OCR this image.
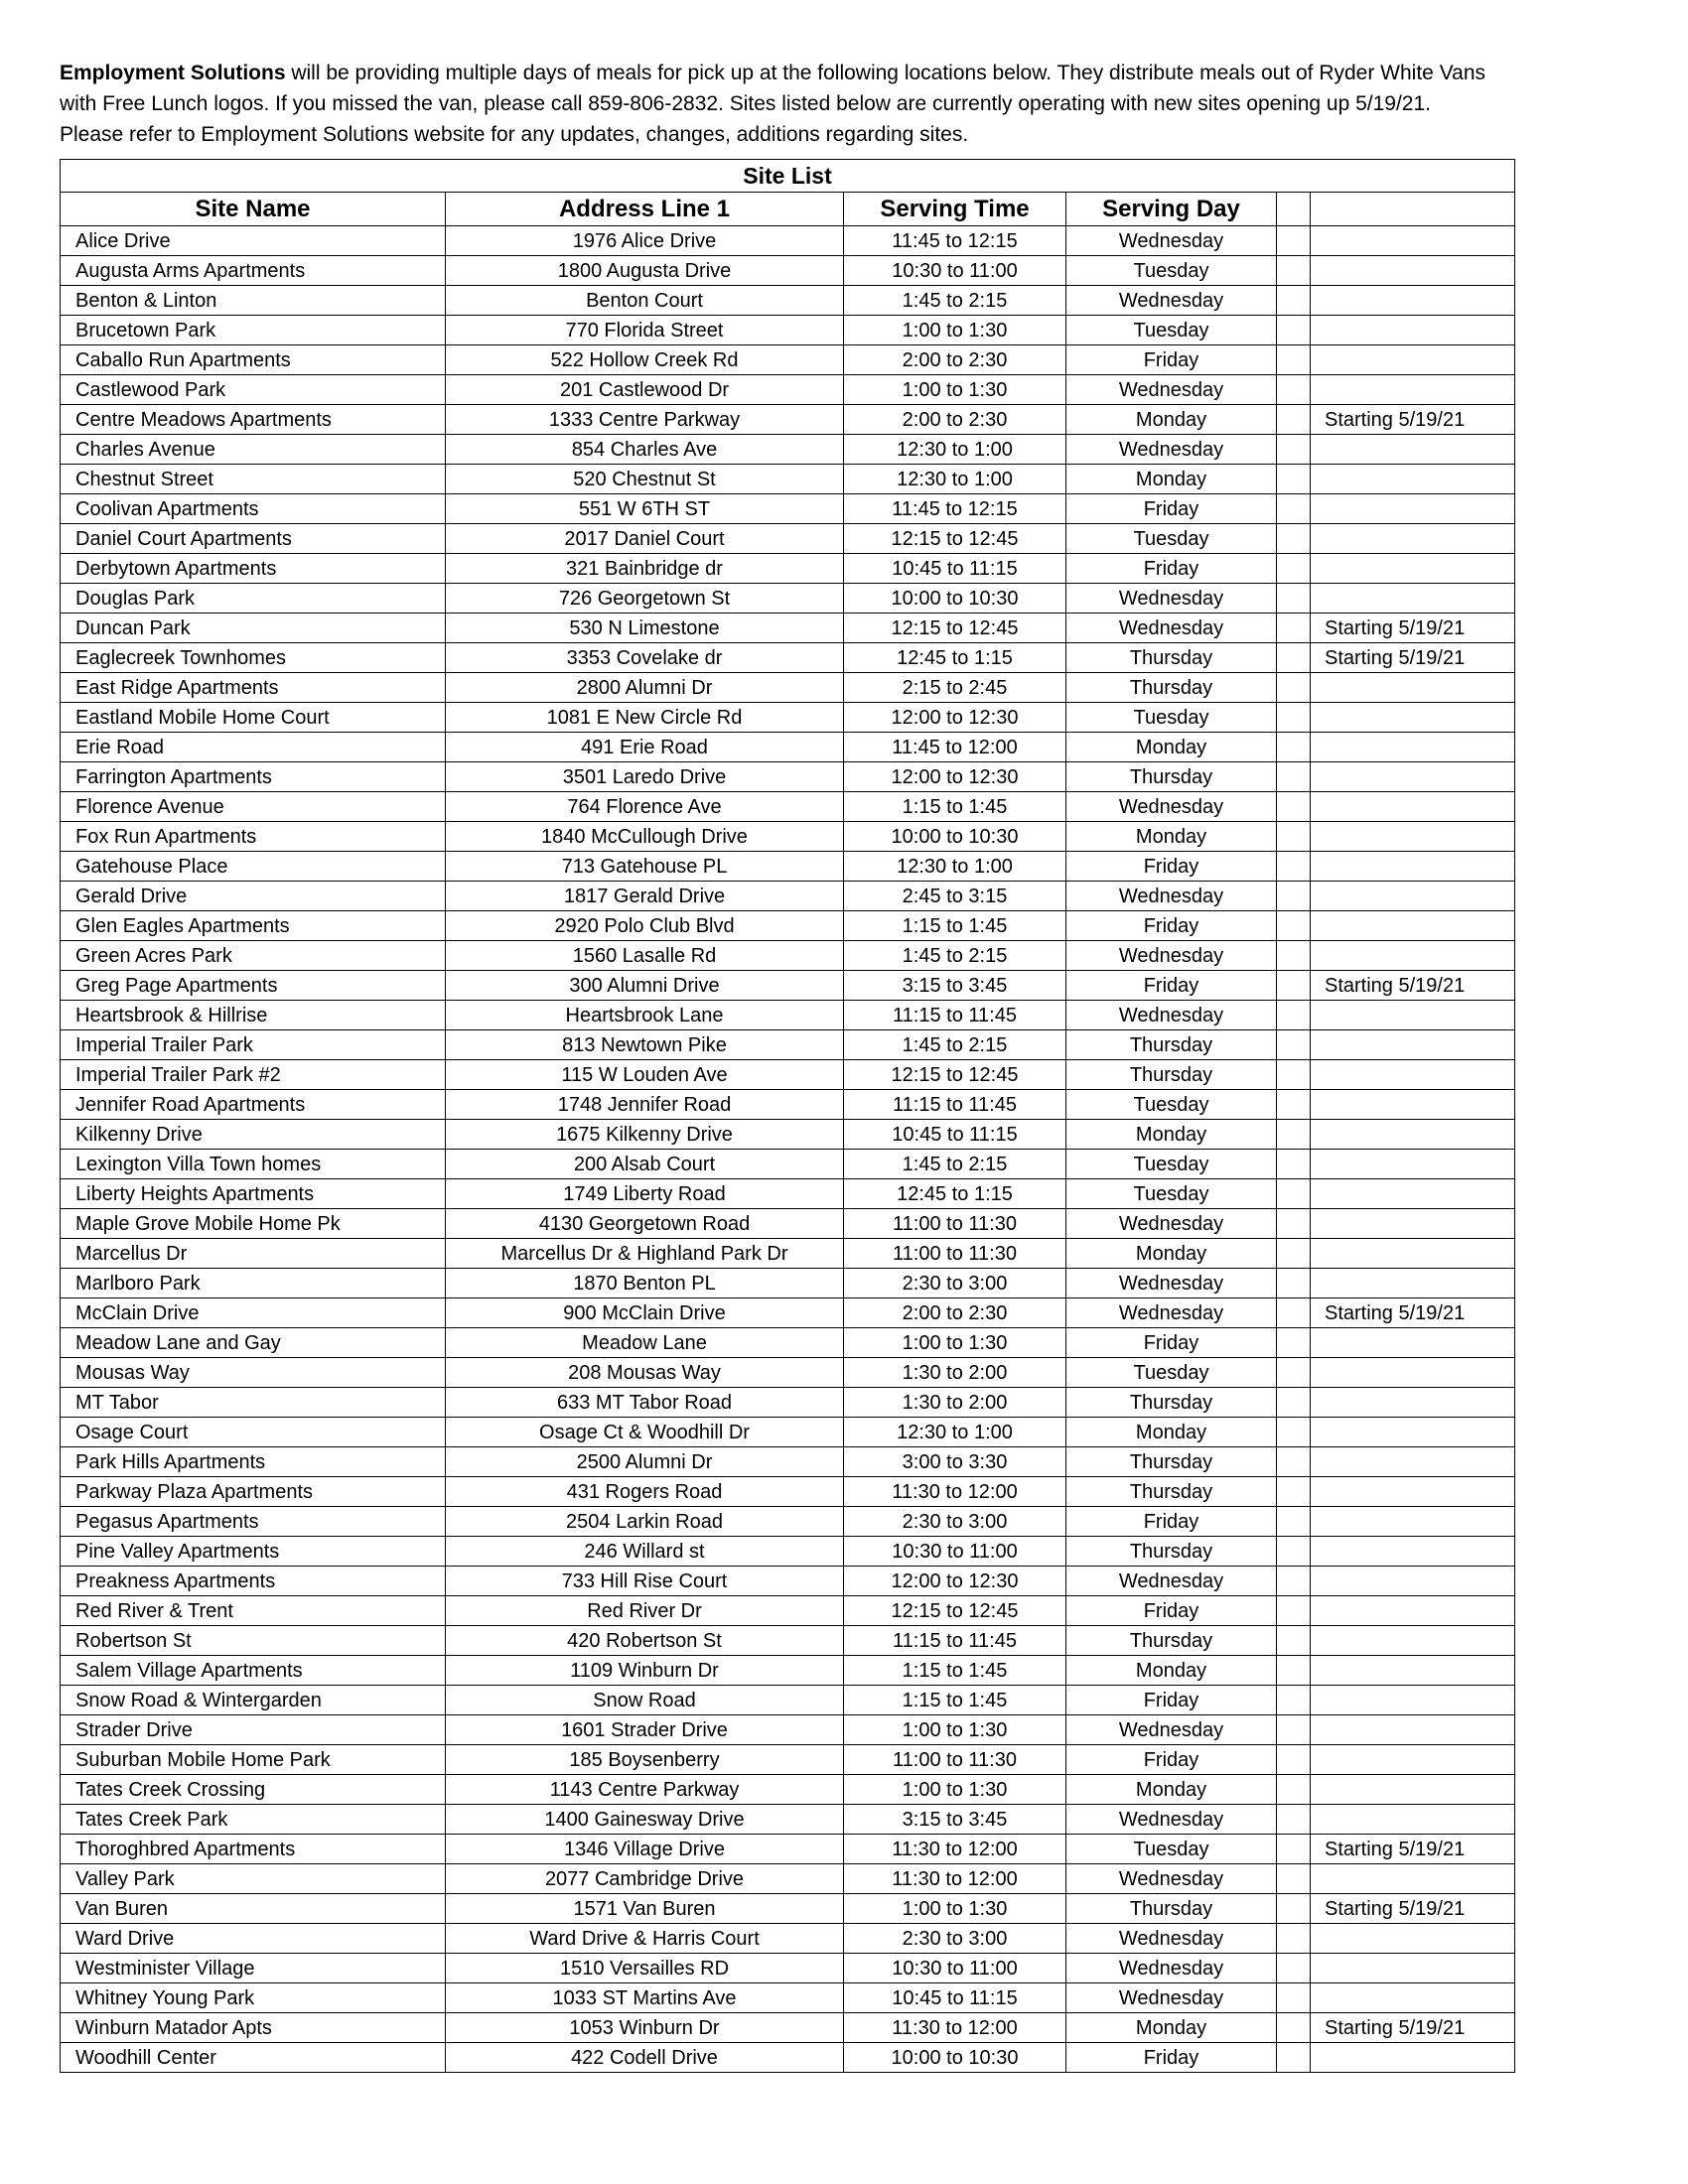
Employment Solutions will be providing multiple days of meals for pick up at the following locations below. They distribute meals out of Ryder White Vans
with Free Lunch logos. If you missed the van, please call 859-806-2832. Sites listed below are currently operating with new sites opening up 5/19/21.
Please refer to Employment Solutions website for any updates, changes, additions regarding sites.
Site List					
Site Name	Address Line 1	Serving Time	Serving Day		
Alice Drive	1976 Alice Drive	11:45 to 12:15	Wednesday		
Augusta Arms Apartments	1800 Augusta Drive	10:30 to 11:00	Tuesday		
Benton & Linton	Benton Court	1:45 to 2:15	Wednesday		
Brucetown Park	770 Florida Street	1:00 to 1:30	Tuesday		
Caballo Run Apartments	522 Hollow Creek Rd	2:00 to 2:30	Friday		
Castlewood Park	201 Castlewood Dr	1:00 to 1:30	Wednesday		
Centre Meadows Apartments	1333 Centre Parkway	2:00 to 2:30	Monday		Starting 5/19/21
Charles Avenue	854 Charles Ave	12:30 to 1:00	Wednesday		
Chestnut Street	520 Chestnut St	12:30 to 1:00	Monday		
Coolivan Apartments	551 W 6TH ST	11:45 to 12:15	Friday		
Daniel Court Apartments	2017 Daniel Court	12:15 to 12:45	Tuesday		
Derbytown Apartments	321 Bainbridge dr	10:45 to 11:15	Friday		
Douglas Park	726 Georgetown St	10:00 to 10:30	Wednesday		
Duncan Park	530 N Limestone	12:15 to 12:45	Wednesday		Starting 5/19/21
Eaglecreek Townhomes	3353 Covelake dr	12:45 to 1:15	Thursday		Starting 5/19/21
East Ridge Apartments	2800 Alumni Dr	2:15 to 2:45	Thursday		
Eastland Mobile Home Court	1081 E New Circle Rd	12:00 to 12:30	Tuesday		
Erie Road	491 Erie Road	11:45 to 12:00	Monday		
Farrington Apartments	3501 Laredo Drive	12:00 to 12:30	Thursday		
Florence Avenue	764 Florence Ave	1:15 to 1:45	Wednesday		
Fox Run Apartments	1840 McCullough Drive	10:00 to 10:30	Monday		
Gatehouse Place	713 Gatehouse PL	12:30 to 1:00	Friday		
Gerald Drive	1817 Gerald Drive	2:45 to 3:15	Wednesday		
Glen Eagles Apartments	2920 Polo Club Blvd	1:15 to 1:45	Friday		
Green Acres Park	1560 Lasalle Rd	1:45 to 2:15	Wednesday		
Greg Page Apartments	300 Alumni Drive	3:15 to 3:45	Friday		Starting 5/19/21
Heartsbrook & Hillrise	Heartsbrook Lane	11:15 to 11:45	Wednesday		
Imperial Trailer Park	813 Newtown Pike	1:45 to 2:15	Thursday		
Imperial Trailer Park #2	115 W Louden Ave	12:15 to 12:45	Thursday		
Jennifer Road Apartments	1748 Jennifer Road	11:15 to 11:45	Tuesday		
Kilkenny Drive	1675 Kilkenny Drive	10:45 to 11:15	Monday		
Lexington Villa Town homes	200 Alsab Court	1:45 to 2:15	Tuesday		
Liberty Heights Apartments	1749 Liberty Road	12:45 to 1:15	Tuesday		
Maple Grove Mobile Home Pk	4130 Georgetown Road	11:00 to 11:30	Wednesday		
Marcellus Dr	Marcellus Dr & Highland Park Dr	11:00 to 11:30	Monday		
Marlboro Park	1870 Benton PL	2:30 to 3:00	Wednesday		
McClain Drive	900 McClain Drive	2:00 to 2:30	Wednesday		Starting 5/19/21
Meadow Lane and Gay	Meadow Lane	1:00 to 1:30	Friday		
Mousas Way	208 Mousas Way	1:30 to 2:00	Tuesday		
MT Tabor	633 MT Tabor Road	1:30 to 2:00	Thursday		
Osage Court	Osage Ct & Woodhill Dr	12:30 to 1:00	Monday		
Park Hills Apartments	2500 Alumni Dr	3:00 to 3:30	Thursday		
Parkway Plaza Apartments	431 Rogers Road	11:30 to 12:00	Thursday		
Pegasus Apartments	2504 Larkin Road	2:30 to 3:00	Friday		
Pine Valley Apartments	246 Willard st	10:30 to 11:00	Thursday		
Preakness Apartments	733 Hill Rise Court	12:00 to 12:30	Wednesday		
Red River & Trent	Red River Dr	12:15 to 12:45	Friday		
Robertson St	420 Robertson St	11:15 to 11:45	Thursday		
Salem Village Apartments	1109 Winburn Dr	1:15 to 1:45	Monday		
Snow Road & Wintergarden	Snow Road	1:15 to 1:45	Friday		
Strader Drive	1601 Strader Drive	1:00 to 1:30	Wednesday		
Suburban Mobile Home Park	185 Boysenberry	11:00 to 11:30	Friday		
Tates Creek Crossing	1143 Centre Parkway	1:00 to 1:30	Monday		
Tates Creek Park	1400 Gainesway Drive	3:15 to 3:45	Wednesday		
Thoroghbred Apartments	1346 Village Drive	11:30 to 12:00	Tuesday		Starting 5/19/21
Valley Park	2077 Cambridge Drive	11:30 to 12:00	Wednesday		
Van Buren	1571 Van Buren	1:00 to 1:30	Thursday		Starting 5/19/21
Ward Drive	Ward Drive & Harris Court	2:30 to 3:00	Wednesday		
Westminister Village	1510 Versailles RD	10:30 to 11:00	Wednesday		
Whitney Young Park	1033 ST Martins Ave	10:45 to 11:15	Wednesday		
Winburn Matador Apts	1053 Winburn Dr	11:30 to 12:00	Monday		Starting 5/19/21
Woodhill Center	422 Codell Drive	10:00 to 10:30	Friday		
